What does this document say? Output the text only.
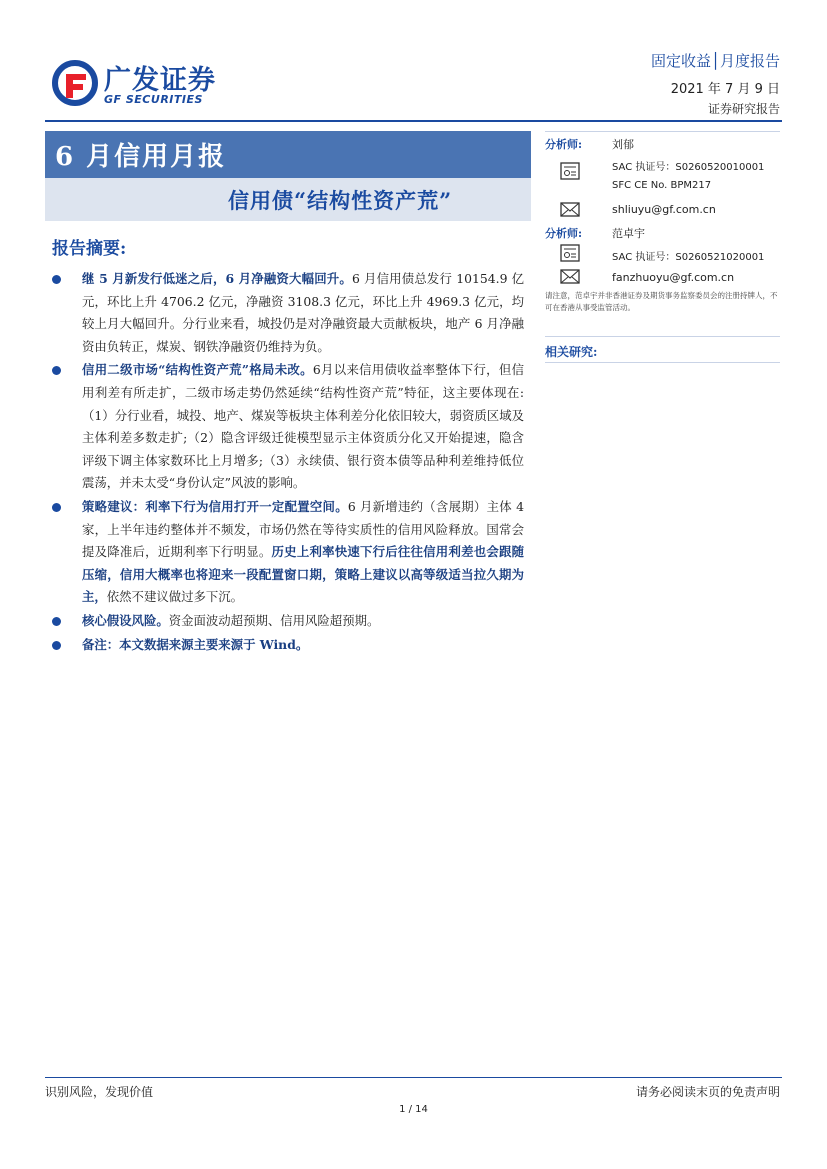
广发证券
GF SECURITIES
固定收益│月度报告
2021 年 7 月 9 日
证券研究报告
6 月信用月报
信用债“结构性资产荒”
报告摘要:
继 5 月新发行低迷之后，6 月净融资大幅回升。6 月信用债总发行 10154.9 亿元，环比上升 4706.2 亿元，净融资 3108.3 亿元，环比上升 4969.3 亿元，均较上月大幅回升。分行业来看，城投仍是对净融资最大贡献板块，地产 6 月净融资由负转正，煤炭、钢铁净融资仍维持为负。
信用二级市场“结构性资产荒”格局未改。6月以来信用债收益率整体下行，但信用利差有所走扩，二级市场走势仍然延续“结构性资产荒”特征，这主要体现在:（1）分行业看，城投、地产、煤炭等板块主体利差分化依旧较大，弱资质区域及主体利差多数走扩;（2）隐含评级迁徙模型显示主体资质分化又开始提速，隐含评级下调主体家数环比上月增多;（3）永续债、银行资本债等品种利差维持低位震荡，并未太受“身份认定”风波的影响。
策略建议：利率下行为信用打开一定配置空间。6 月新增违约（含展期）主体 4 家，上半年违约整体并不频发，市场仍然在等待实质性的信用风险释放。国常会提及降准后，近期利率下行明显。历史上利率快速下行后往往信用利差也会跟随压缩，信用大概率也将迎来一段配置窗口期，策略上建议以高等级适当拉久期为主，依然不建议做过多下沉。
核心假设风险。资金面波动超预期、信用风险超预期。
备注：本文数据来源主要来源于 Wind。
分析师:	刘郁
SAC 执证号：S0260520010001
SFC CE No. BPM217
shliuyu@gf.com.cn
分析师:	范卓宇
SAC 执证号：S0260521020001
fanzhuoyu@gf.com.cn
请注意，范卓宇并非香港证券及期货事务监察委员会的注册持牌人，不可在香港从事受监管活动。
相关研究:
识别风险，发现价值	请务必阅读末页的免责声明
1 / 14
